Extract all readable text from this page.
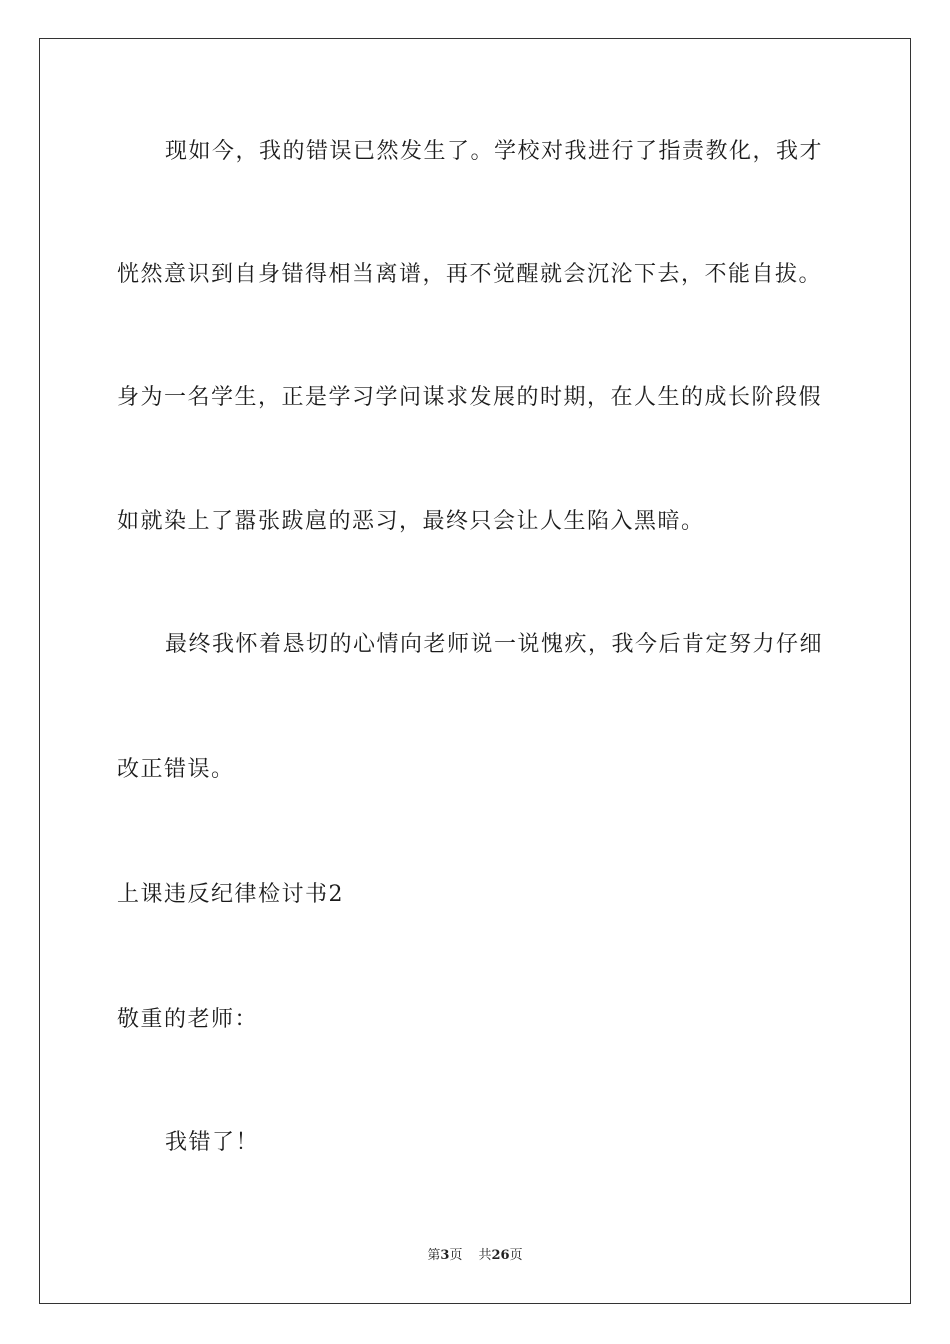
现如今，我的错误已然发生了。学校对我进行了指责教化，我才
恍然意识到自身错得相当离谱，再不觉醒就会沉沦下去，不能自拔。
身为一名学生，正是学习学问谋求发展的时期，在人生的成长阶段假
如就染上了嚣张跋扈的恶习，最终只会让人生陷入黑暗。
最终我怀着恳切的心情向老师说一说愧疚，我今后肯定努力仔细
改正错误。
上课违反纪律检讨书2
敬重的老师：
我错了！
第3页 共26页
